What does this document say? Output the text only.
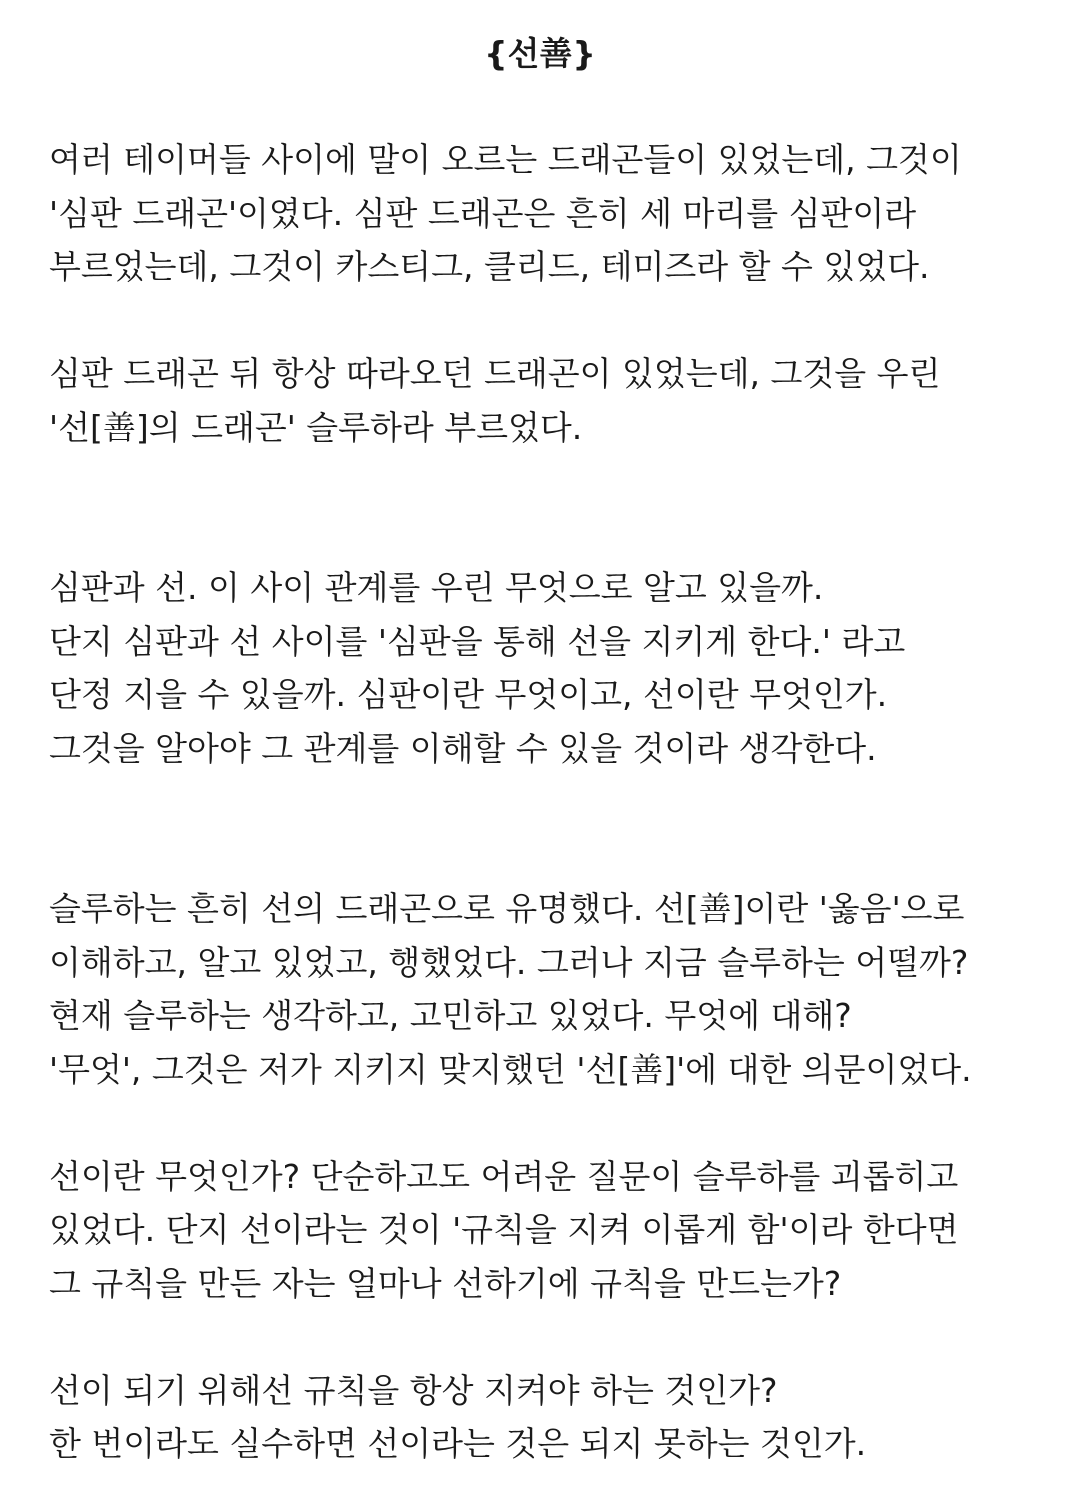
{선善}
여러 테이머들 사이에 말이 오르는 드래곤들이 있었는데, 그것이
'심판 드래곤'이였다. 심판 드래곤은 흔히 세 마리를 심판이라
부르었는데, 그것이 카스티그, 클리드, 테미즈라 할 수 있었다.
심판 드래곤 뒤 항상 따라오던 드래곤이 있었는데, 그것을 우린
'선[善]의 드래곤' 슬루하라 부르었다.
심판과 선. 이 사이 관계를 우린 무엇으로 알고 있을까.
단지 심판과 선 사이를 '심판을 통해 선을 지키게 한다.' 라고
단정 지을 수 있을까. 심판이란 무엇이고, 선이란 무엇인가.
그것을 알아야 그 관계를 이해할 수 있을 것이라 생각한다.
슬루하는 흔히 선의 드래곤으로 유명했다. 선[善]이란 '옳음'으로
이해하고, 알고 있었고, 행했었다. 그러나 지금 슬루하는 어떨까?
현재 슬루하는 생각하고, 고민하고 있었다. 무엇에 대해?
'무엇', 그것은 저가 지키지 맞지했던 '선[善]'에 대한 의문이었다.
선이란 무엇인가? 단순하고도 어려운 질문이 슬루하를 괴롭히고
있었다. 단지 선이라는 것이 '규칙을 지켜 이롭게 함'이라 한다면
그 규칙을 만든 자는 얼마나 선하기에 규칙을 만드는가?
선이 되기 위해선 규칙을 항상 지켜야 하는 것인가?
한 번이라도 실수하면 선이라는 것은 되지 못하는 것인가.
